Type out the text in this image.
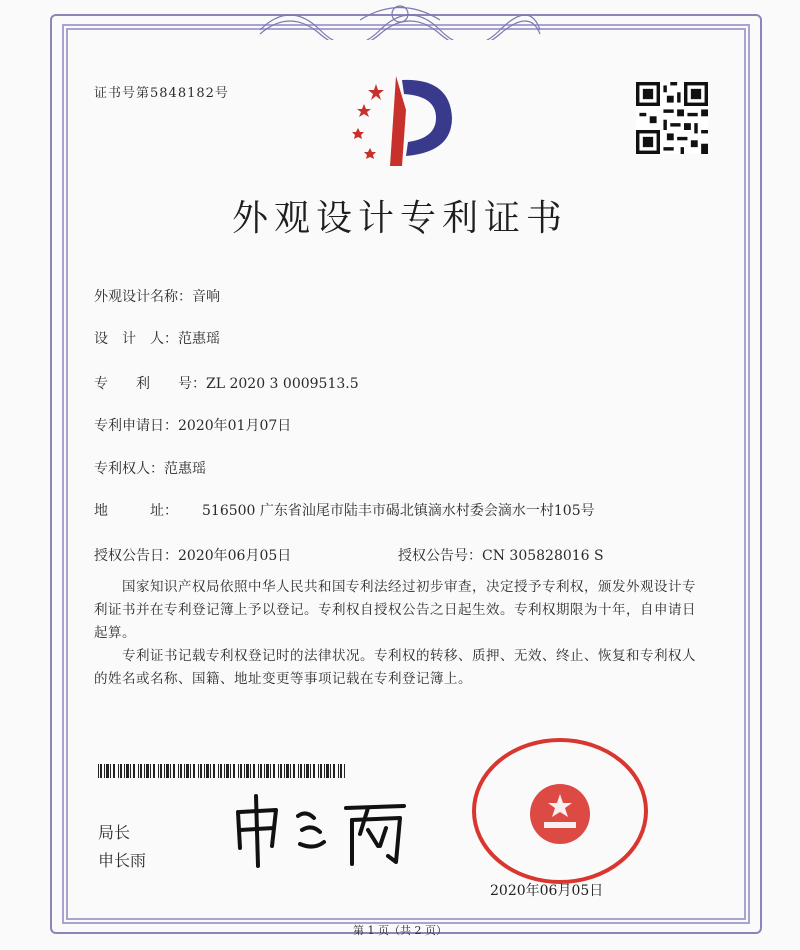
证书号第5848182号
外观设计专利证书
外观设计名称：音响
设　计　人：范惠瑶
专　　利　　号：ZL 2020 3 0009513.5
专利申请日：2020年01月07日
专利权人：范惠瑶
地　　　址： 516500 广东省汕尾市陆丰市碣北镇滴水村委会滴水一村105号
授权公告日：2020年06月05日	授权公告号：CN 305828016 S
国家知识产权局依照中华人民共和国专利法经过初步审查，决定授予专利权，颁发外观设计专利证书并在专利登记簿上予以登记。专利权自授权公告之日起生效。专利权期限为十年，自申请日起算。
专利证书记载专利权登记时的法律状况。专利权的转移、质押、无效、终止、恢复和专利权人的姓名或名称、国籍、地址变更等事项记载在专利登记簿上。
局长
申长雨
2020年06月05日
第 1 页（共 2 页）
